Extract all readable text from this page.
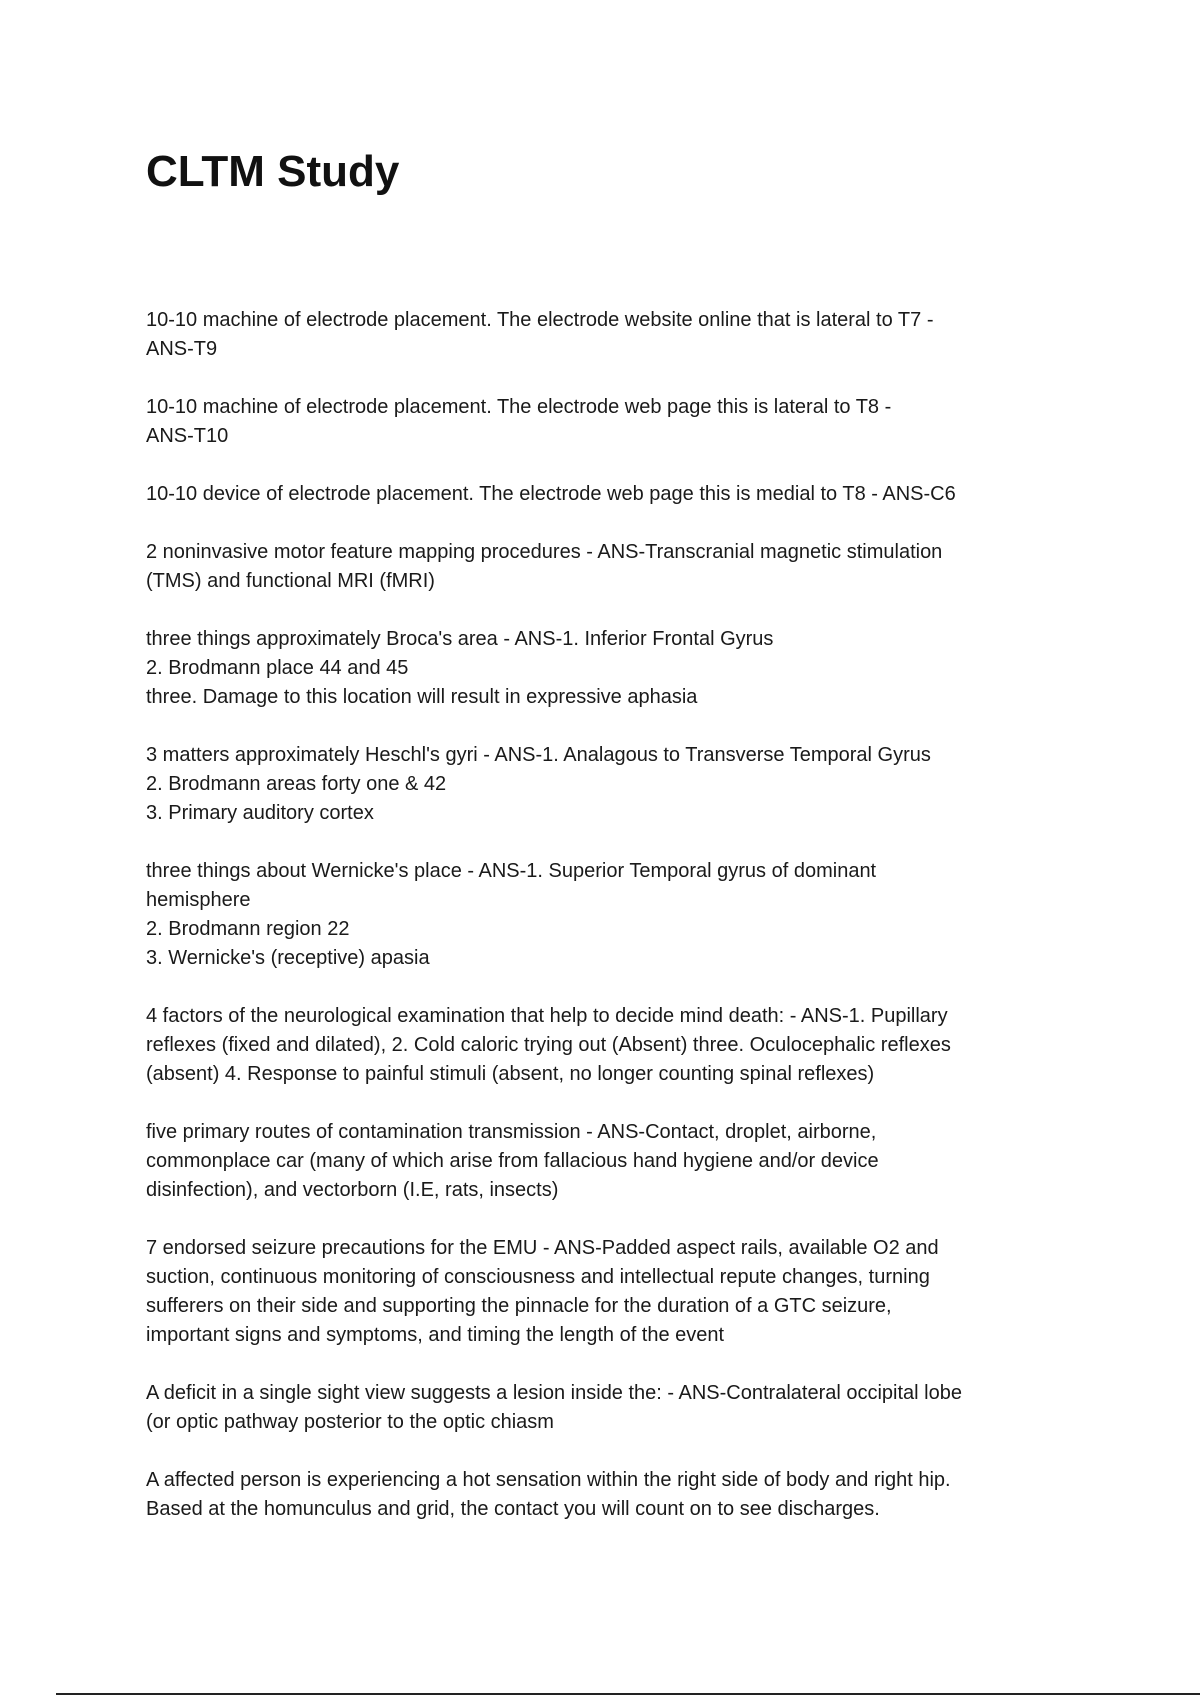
CLTM Study

10-10 machine of electrode placement. The electrode website online that is lateral to T7 -
ANS-T9

10-10 machine of electrode placement. The electrode web page this is lateral to T8 -
ANS-T10

10-10 device of electrode placement. The electrode web page this is medial to T8 - ANS-C6

2 noninvasive motor feature mapping procedures - ANS-Transcranial magnetic stimulation
(TMS) and functional MRI (fMRI)

three things approximately Broca's area - ANS-1. Inferior Frontal Gyrus
2. Brodmann place 44 and 45
three. Damage to this location will result in expressive aphasia

3 matters approximately Heschl's gyri - ANS-1. Analagous to Transverse Temporal Gyrus
2. Brodmann areas forty one & 42
3. Primary auditory cortex

three things about Wernicke's place - ANS-1. Superior Temporal gyrus of dominant
hemisphere
2. Brodmann region 22
3. Wernicke's (receptive) apasia

4 factors of the neurological examination that help to decide mind death: - ANS-1. Pupillary
reflexes (fixed and dilated), 2. Cold caloric trying out (Absent) three. Oculocephalic reflexes
(absent) 4. Response to painful stimuli (absent, no longer counting spinal reflexes)

five primary routes of contamination transmission - ANS-Contact, droplet, airborne,
commonplace car (many of which arise from fallacious hand hygiene and/or device
disinfection), and vectorborn (I.E, rats, insects)

7 endorsed seizure precautions for the EMU - ANS-Padded aspect rails, available O2 and
suction, continuous monitoring of consciousness and intellectual repute changes, turning
sufferers on their side and supporting the pinnacle for the duration of a GTC seizure,
important signs and symptoms, and timing the length of the event

A deficit in a single sight view suggests a lesion inside the: - ANS-Contralateral occipital lobe
(or optic pathway posterior to the optic chiasm

A affected person is experiencing a hot sensation within the right side of body and right hip.
Based at the homunculus and grid, the contact you will count on to see discharges.
